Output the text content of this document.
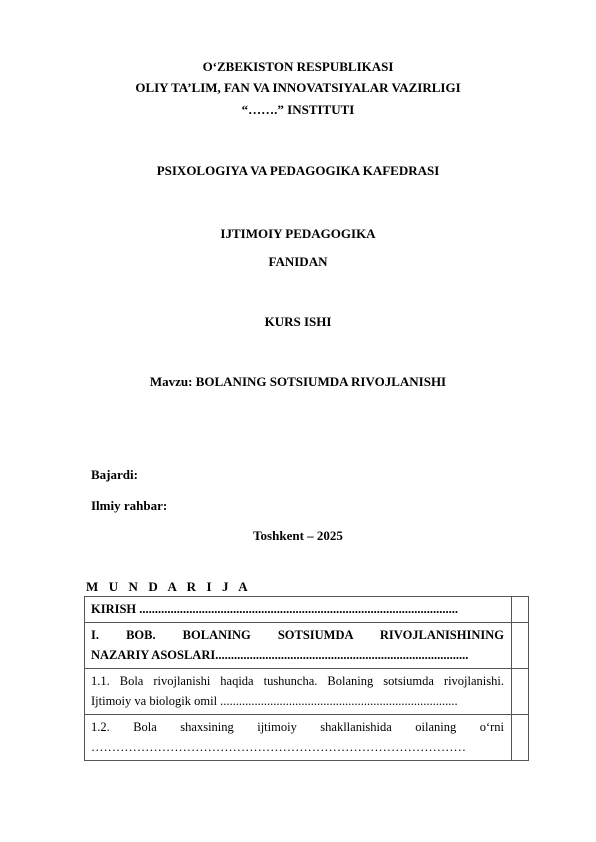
O‘ZBEKISTON RESPUBLIKASI
OLIY TA’LIM, FAN VA INNOVATSIYALAR VAZIRLIGI
“…….” INSTITUTI
PSIXOLOGIYA VA PEDAGOGIKA KAFEDRASI
IJTIMOIY PEDAGOGIKA
FANIDAN
KURS ISHI
Mavzu: BOLANING SOTSIUMDA RIVOJLANISHI
Bajardi:
Ilmiy rahbar:
Toshkent – 2025
M U N D A R I J A
KIRISH ......................................................................................................	

I. BOB. BOLANING SOTSIUMDA RIVOJLANISHINING
NAZARIY ASOSLARI.................................................................................	

1.1. Bola rivojlanishi haqida tushuncha. Bolaning sotsiumda rivojlanishi.
Ijtimoiy va biologik omil ............................................................................	

1.2. Bola shaxsining ijtimoiy shakllanishida oilaning o‘rni
………………………………………………………………………………	
